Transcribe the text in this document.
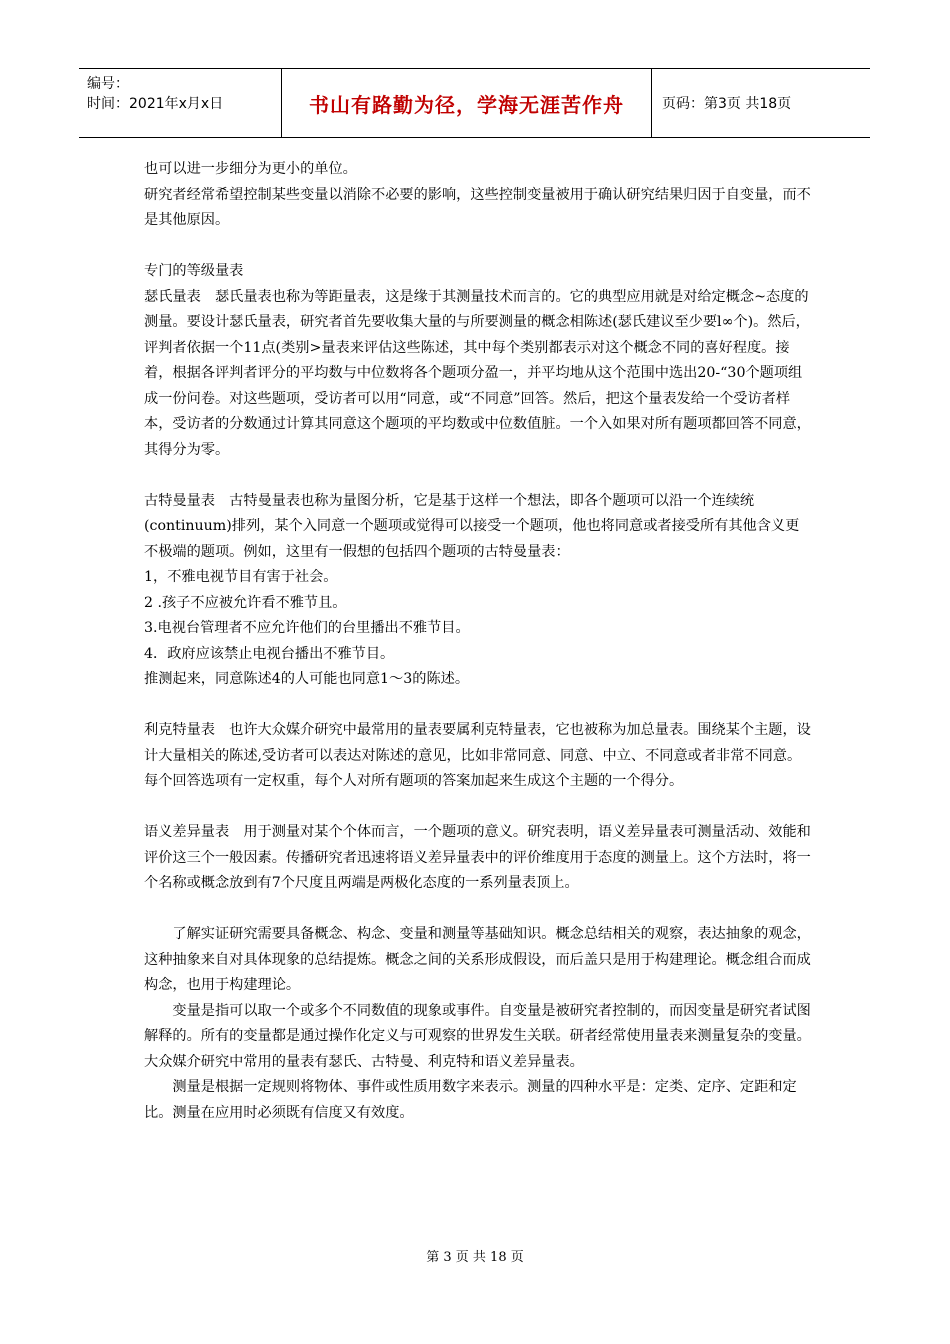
编号：
时间：2021年x月x日	书山有路勤为径，学海无涯苦作舟	页码：第3页 共18页

也可以进一步细分为更小的单位。

研究者经常希望控制某些变量以消除不必要的影响，这些控制变量被用于确认研究结果归因于自变量，而不是其他原因。

专门的等级量表

瑟氏量表　瑟氏量表也称为等距量表，这是缘于其测量技术而言的。它的典型应用就是对给定概念~态度的测量。要设计瑟氏量表，研究者首先要收集大量的与所要测量的概念相陈述(瑟氏建议至少要l∞个)。然后，评判者依据一个11点(类别>量表来评估这些陈述，其中每个类别都表示对这个概念不同的喜好程度。接着，根据各评判者评分的平均数与中位数将各个题项分盈一，并平均地从这个范围中选出20-“30个题项组成一份问卷。对这些题项，受访者可以用“同意，或“不同意”回答。然后，把这个量表发给一个受访者样本，受访者的分数通过计算其同意这个题项的平均数或中位数值脏。一个入如果对所有题项都回答不同意，其得分为零。

古特曼量表　古特曼量表也称为量图分析，它是基于这样一个想法，即各个题项可以沿一个连续统(continuum)排列，某个入同意一个题项或觉得可以接受一个题项，他也将同意或者接受所有其他含义更不极端的题项。例如，这里有一假想的包括四个题项的古特曼量表：

1，不雅电视节目有害于社会。

2 .孩子不应被允许看不雅节且。

3.电视台管理者不应允许他们的台里播出不雅节目。

4．政府应该禁止电视台播出不雅节目。

推测起来，同意陈述4的人可能也同意1～3的陈述。

利克特量表　也许大众媒介研究中最常用的量表要属利克特量表，它也被称为加总量表。围绕某个主题，设计大量相关的陈述,受访者可以表达对陈述的意见，比如非常同意、同意、中立、不同意或者非常不同意。每个回答选项有一定权重，每个人对所有题项的答案加起来生成这个主题的一个得分。

语义差异量表　用于测量对某个个体而言，一个题项的意义。研究表明，语义差异量表可测量活动、效能和评价这三个一般因素。传播研究者迅速将语义差异量表中的评价维度用于态度的测量上。这个方法时，将一个名称或概念放到有7个尺度且两端是两极化态度的一系列量表顶上。

了解实证研究需要具备概念、构念、变量和测量等基础知识。概念总结相关的观察，表达抽象的观念，这种抽象来自对具体现象的总结提炼。概念之间的关系形成假设，而后盖只是用于构建理论。概念组合而成构念，也用于构建理论。

变量是指可以取一个或多个不同数值的现象或事件。自变量是被研究者控制的，而因变量是研究者试图解释的。所有的变量都是通过操作化定义与可观察的世界发生关联。研者经常使用量表来测量复杂的变量。大众媒介研究中常用的量表有瑟氏、古特曼、利克特和语义差异量表。

测量是根据一定规则将物体、事件或性质用数字来表示。测量的四种水平是：定类、定序、定距和定比。测量在应用时必须既有信度又有效度。

第 3 页 共 18 页
